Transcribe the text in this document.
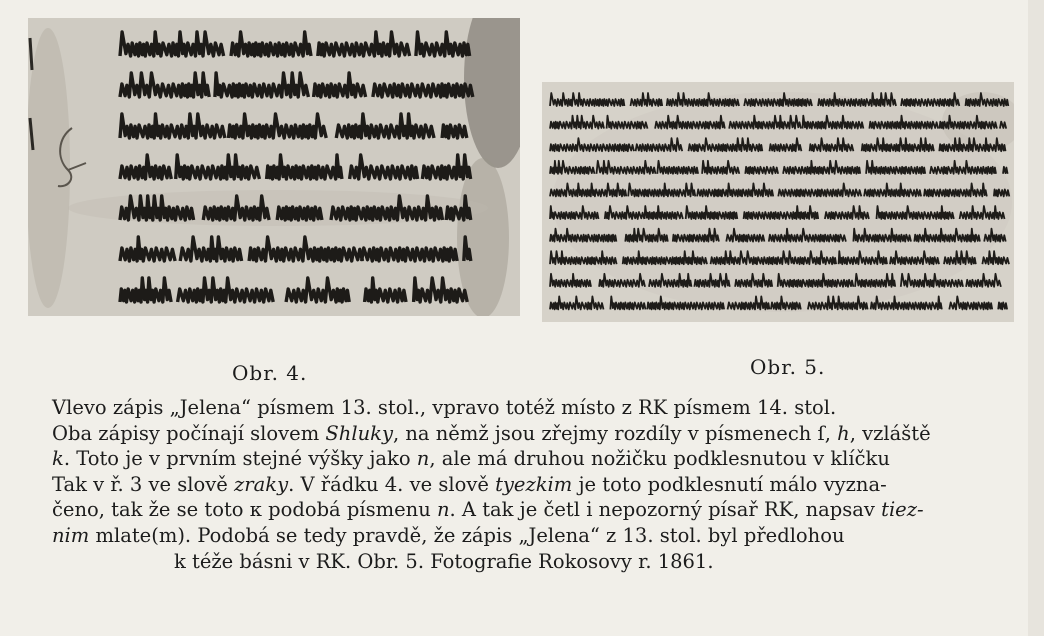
Obr. 4.	Obr. 5.
Vlevo zápis „Jelena“ písmem 13. stol., vpravo totéž místo z RK písmem 14. stol.
Oba zápisy počínají slovem Shluky, na němž jsou zřejmy rozdíly v písmenech ſ, h, vzláště
k. Toto je v prvním stejné výšky jako n, ale má druhou nožičku podklesnutou v klíčku
Tak v ř. 3 ve slově zraky. V řádku 4. ve slově tyezkim je toto podklesnutí málo vyzna-
čeno, tak že se toto κ podobá písmenu n. A tak je četl i nepozorný písař RK, napsav tiez-
nim mlate(m). Podobá se tedy pravdě, že zápis „Jelena“ z 13. stol. byl předlohou
k téže básni v RK. Obr. 5. Fotografie Rokosovy r. 1861.
